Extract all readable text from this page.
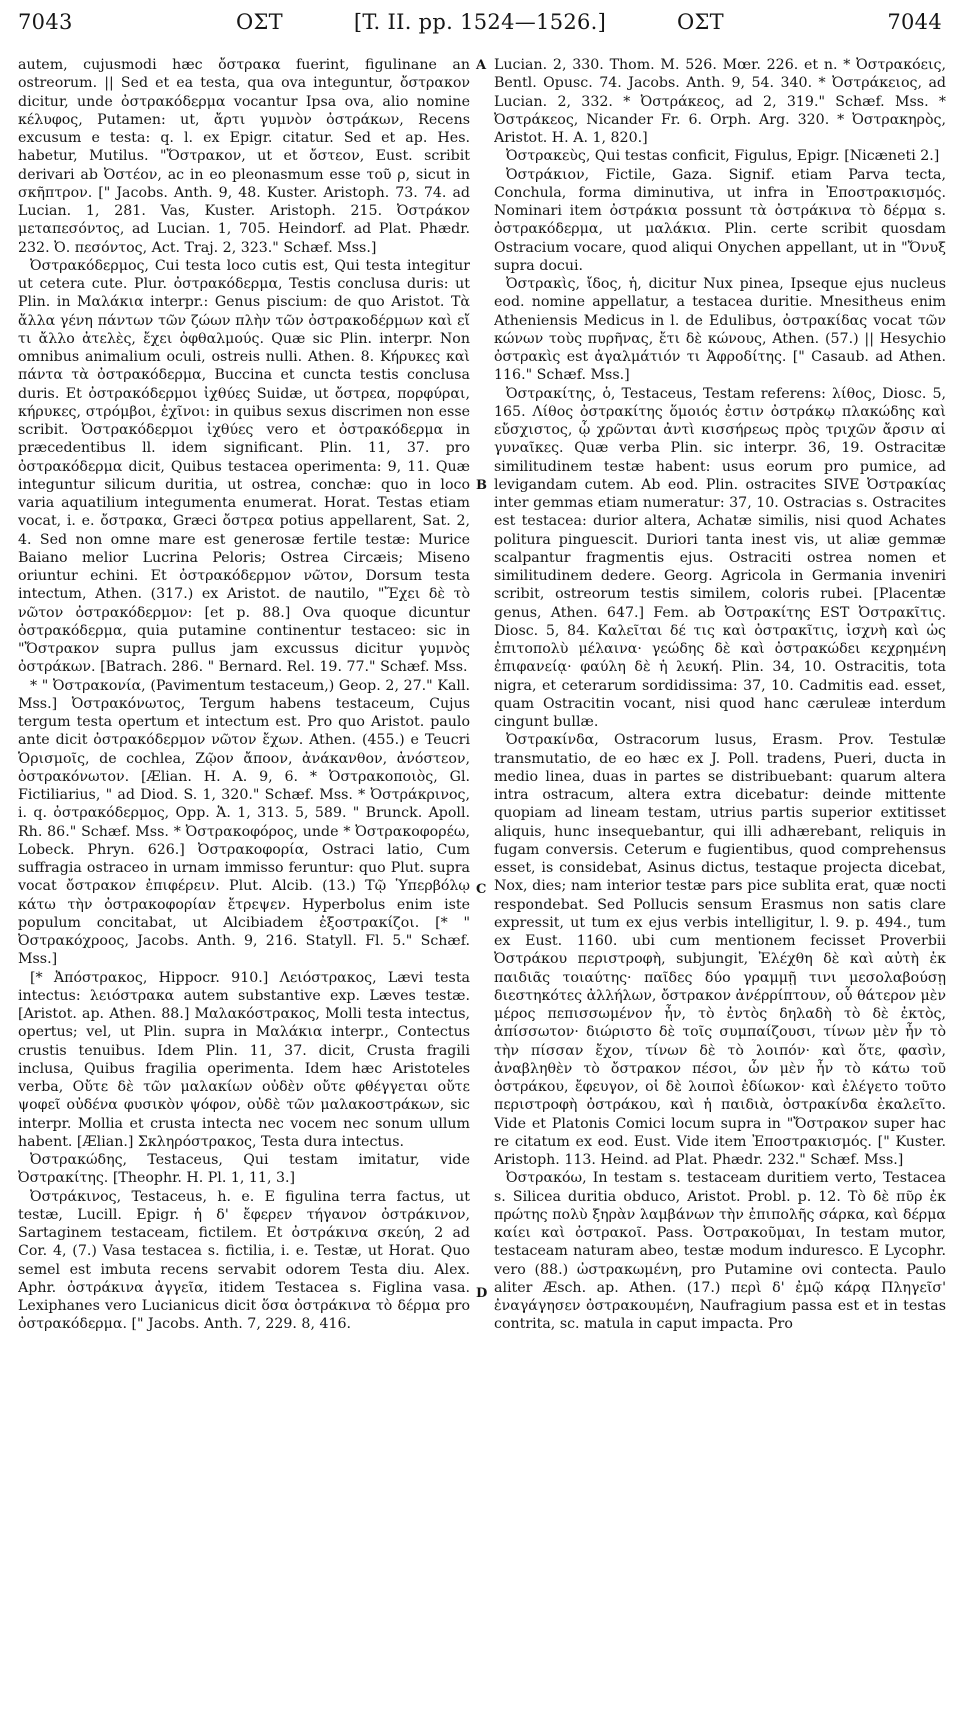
7043	ΟΣΤ	[T. II. pp. 1524—1526.]	ΟΣΤ	7044

autem, cujusmodi hæc ὄστρακα fuerint, figulinane an ostreorum. || Sed et ea testa, qua ova integuntur, ὄστρακον dicitur, unde ὀστρακόδερμα vocantur Ipsa ova, alio nomine κέλυφος, Putamen: ut, ἄρτι γυμνὸν ὀστράκων, Recens excusum e testa: q. l. ex Epigr. citatur. Sed et ap. Hes. habetur, Mutilus. "Ὄστρακον, ut et ὄστεον, Eust. scribit derivari ab Ὀστέον, ac in eo pleonasmum esse τοῦ ρ, sicut in σκῆπτρον. [" Jacobs. Anth. 9, 48. Kuster. Aristoph. 73. 74. ad Lucian. 1, 281. Vas, Kuster. Aristoph. 215. Ὀστράκον μεταπεσόντος, ad Lucian. 1, 705. Heindorf. ad Plat. Phædr. 232. Ὀ. πεσόντος, Act. Traj. 2, 323." Schæf. Mss.]

Ὀστρακόδερμος, Cui testa loco cutis est, Qui testa integitur ut cetera cute. Plur. ὀστρακόδερμα, Testis conclusa duris: ut Plin. in Μαλάκια interpr.: Genus piscium: de quo Aristot. Τὰ ἄλλα γένη πάντων τῶν ζώων πλὴν τῶν ὀστρακοδέρμων καὶ εἴ τι ἄλλο ἀτελὲς, ἔχει ὀφθαλμούς. Quæ sic Plin. interpr. Non omnibus animalium oculi, ostreis nulli. Athen. 8. Κήρυκες καὶ πάντα τὰ ὀστρακόδερμα, Buccina et cuncta testis conclusa duris. Et ὀστρακόδερμοι ἰχθύες Suidæ, ut ὄστρεα, πορφύραι, κήρυκες, στρόμβοι, ἐχῖνοι: in quibus sexus discrimen non esse scribit. Ὀστρακόδερμοι ἰχθύες vero et ὀστρακόδερμα in præcedentibus ll. idem significant. Plin. 11, 37. pro ὀστρακόδερμα dicit, Quibus testacea operimenta: 9, 11. Quæ integuntur silicum duritia, ut ostrea, conchæ: quo in loco varia aquatilium integumenta enumerat. Horat. Testas etiam vocat, i. e. ὄστρακα, Græci ὄστρεα potius appellarent, Sat. 2, 4. Sed non omne mare est generosæ fertile testæ: Murice Baiano melior Lucrina Peloris; Ostrea Circæis; Miseno oriuntur echini. Et ὀστρακόδερμον νῶτον, Dorsum testa intectum, Athen. (317.) ex Aristot. de nautilo, "Ἔχει δὲ τὸ νῶτον ὀστρακόδερμον: [et p. 88.] Ova quoque dicuntur ὀστρακόδερμα, quia putamine continentur testaceo: sic in "Ὄστρακον supra pullus jam excussus dicitur γυμνὸς ὀστράκων. [Batrach. 286. " Bernard. Rel. 19. 77." Schæf. Mss.

* " Ὀστρακονία, (Pavimentum testaceum,) Geop. 2, 27." Kall. Mss.] Ὀστρακόνωτος, Tergum habens testaceum, Cujus tergum testa opertum et intectum est. Pro quo Aristot. paulo ante dicit ὀστρακόδερμον νῶτον ἔχων. Athen. (455.) e Teucri Ὁρισμοῖς, de cochlea, Ζῷον ἄποον, ἀνάκανθον, ἀνόστεον, ὀστρακόνωτον. [Ælian. H. A. 9, 6. * Ὀστρακοποιὸς, Gl. Fictiliarius, " ad Diod. S. 1, 320." Schæf. Mss. * Ὀστράκρινος, i. q. ὀστρακόδερμος, Opp. Ἁ. 1, 313. 5, 589. " Brunck. Apoll. Rh. 86." Schæf. Mss. * Ὀστρακοφόρος, unde * Ὀστρακοφορέω, Lobeck. Phryn. 626.] Ὀστρακοφορία, Ostraci latio, Cum suffragia ostraceo in urnam immisso feruntur: quo Plut. supra vocat ὄστρακον ἐπιφέρειν. Plut. Alcib. (13.) Τῷ Ὑπερβόλῳ κάτω τὴν ὀστρακοφορίαν ἔτρεψεν. Hyperbolus enim iste populum concitabat, ut Alcibiadem ἐξοστρακίζοι. [* " Ὀστρακόχροος, Jacobs. Anth. 9, 216. Statyll. Fl. 5." Schæf. Mss.]

[* Ἀπόστρακος, Hippocr. 910.] Λειόστρακος, Lævi testa intectus: λειόστρακα autem substantive exp. Læves testæ. [Aristot. ap. Athen. 88.] Μαλακόστρακος, Molli testa intectus, opertus; vel, ut Plin. supra in Μαλάκια interpr., Contectus crustis tenuibus. Idem Plin. 11, 37. dicit, Crusta fragili inclusa, Quibus fragilia operimenta. Idem hæc Aristoteles verba, Οὔτε δὲ τῶν μαλακίων οὐδὲν οὔτε φθέγγεται οὔτε ψοφεῖ οὐδένα φυσικὸν ψόφον, οὐδὲ τῶν μαλακοστράκων, sic interpr. Mollia et crusta intecta nec vocem nec sonum ullum habent. [Ælian.] Σκληρόστρακος, Testa dura intectus.

Ὀστρακώδης, Testaceus, Qui testam imitatur, vide Ὀστρακίτης. [Theophr. H. Pl. 1, 11, 3.]

Ὀστράκινος, Testaceus, h. e. E figulina terra factus, ut testæ, Lucill. Epigr. ἡ δ' ἔφερεν τήγανον ὀστράκινον, Sartaginem testaceam, fictilem. Et ὀστράκινα σκεύη, 2 ad Cor. 4, (7.) Vasa testacea s. fictilia, i. e. Testæ, ut Horat. Quo semel est imbuta recens servabit odorem Testa diu. Alex. Aphr. ὀστράκινα ἀγγεῖα, itidem Testacea s. Figlina vasa. Lexiphanes vero Lucianicus dicit ὅσα ὀστράκινα τὸ δέρμα pro ὀστρακόδερμα. [" Jacobs. Anth. 7, 229. 8, 416.

A
B
C
D

Lucian. 2, 330. Thom. M. 526. Mœr. 226. et n. * Ὀστρακόεις, Bentl. Opusc. 74. Jacobs. Anth. 9, 54. 340. * Ὀστράκειος, ad Lucian. 2, 332. * Ὀστράκεος, ad 2, 319." Schæf. Mss. * Ὀστράκεος, Nicander Fr. 6. Orph. Arg. 320. * Ὀστρακηρὸς, Aristot. H. A. 1, 820.]

Ὀστρακεὺς, Qui testas conficit, Figulus, Epigr. [Nicæneti 2.]

Ὀστράκιον, Fictile, Gaza. Signif. etiam Parva tecta, Conchula, forma diminutiva, ut infra in Ἐποστρακισμός. Nominari item ὀστράκια possunt τὰ ὀστράκινα τὸ δέρμα s. ὀστρακόδερμα, ut μαλάκια. Plin. certe scribit quosdam Ostracium vocare, quod aliqui Onychen appellant, ut in "Ὄνυξ supra docui.

Ὀστρακὶς, ἴδος, ἡ, dicitur Nux pinea, Ipseque ejus nucleus eod. nomine appellatur, a testacea duritie. Mnesitheus enim Atheniensis Medicus in l. de Edulibus, ὀστρακίδας vocat τῶν κώνων τοὺς πυρῆνας, ἔτι δὲ κώνους, Athen. (57.) || Hesychio ὀστρακὶς est ἀγαλμάτιόν τι Ἀφροδίτης. [" Casaub. ad Athen. 116." Schæf. Mss.]

Ὀστρακίτης, ὁ, Testaceus, Testam referens: λίθος, Diosc. 5, 165. Λίθος ὀστρακίτης ὅμοιός ἐστιν ὀστράκῳ πλακώδης καὶ εὔσχιστος, ᾧ χρῶνται ἀντὶ κισσήρεως πρὸς τριχῶν ἄρσιν αἱ γυναῖκες. Quæ verba Plin. sic interpr. 36, 19. Ostracitæ similitudinem testæ habent: usus eorum pro pumice, ad levigandam cutem. Ab eod. Plin. ostracites SIVE Ὀστρακίας inter gemmas etiam numeratur: 37, 10. Ostracias s. Ostracites est testacea: durior altera, Achatæ similis, nisi quod Achates politura pinguescit. Duriori tanta inest vis, ut aliæ gemmæ scalpantur fragmentis ejus. Ostraciti ostrea nomen et similitudinem dedere. Georg. Agricola in Germania inveniri scribit, ostreorum testis similem, coloris rubei. [Placentæ genus, Athen. 647.] Fem. ab Ὀστρακίτης EST Ὀστρακῖτις. Diosc. 5, 84. Καλεῖται δέ τις καὶ ὀστρακῖτις, ἰσχνὴ καὶ ὡς ἐπιτοπολὺ μέλαινα· γεώδης δὲ καὶ ὀστρακώδει κεχρημένη ἐπιφανείᾳ· φαύλη δὲ ἡ λευκή. Plin. 34, 10. Ostracitis, tota nigra, et ceterarum sordidissima: 37, 10. Cadmitis ead. esset, quam Ostracitin vocant, nisi quod hanc cæruleæ interdum cingunt bullæ.

Ὀστρακίνδα, Ostracorum lusus, Erasm. Prov. Testulæ transmutatio, de eo hæc ex J. Poll. tradens, Pueri, ducta in medio linea, duas in partes se distribuebant: quarum altera intra ostracum, altera extra dicebatur: deinde mittente quopiam ad lineam testam, utrius partis superior extitisset aliquis, hunc insequebantur, qui illi adhærebant, reliquis in fugam conversis. Ceterum e fugientibus, quod comprehensus esset, is considebat, Asinus dictus, testaque projecta dicebat, Nox, dies; nam interior testæ pars pice sublita erat, quæ nocti respondebat. Sed Pollucis sensum Erasmus non satis clare expressit, ut tum ex ejus verbis intelligitur, l. 9. p. 494., tum ex Eust. 1160. ubi cum mentionem fecisset Proverbii Ὀστράκου περιστροφὴ, subjungit, Ἐλέχθη δὲ καὶ αὐτὴ ἐκ παιδιᾶς τοιαύτης· παῖδες δύο γραμμῇ τινι μεσολαβούσῃ διεστηκότες ἀλλήλων, ὄστρακον ἀνέρρίπτουν, οὗ θάτερον μὲν μέρος πεπισσωμένον ἦν, τὸ ἐντὸς δηλαδὴ τὸ δὲ ἐκτὸς, ἀπίσσωτον· διώριστο δὲ τοῖς συμπαίζουσι, τίνων μὲν ἦν τὸ τὴν πίσσαν ἔχον, τίνων δὲ τὸ λοιπόν· καὶ ὅτε, φασὶν, ἀναβληθὲν τὸ ὄστρακον πέσοι, ὧν μὲν ἦν τὸ κάτω τοῦ ὀστράκου, ἔφευγον, οἱ δὲ λοιποὶ ἐδίωκον· καὶ ἐλέγετο τοῦτο περιστροφὴ ὀστράκου, καὶ ἡ παιδιὰ, ὀστρακίνδα ἐκαλεῖτο. Vide et Platonis Comici locum supra in "Ὄστρακον super hac re citatum ex eod. Eust. Vide item Ἐποστρακισμός. [" Kuster. Aristoph. 113. Heind. ad Plat. Phædr. 232." Schæf. Mss.]

Ὀστρακόω, In testam s. testaceam duritiem verto, Testacea s. Silicea duritia obduco, Aristot. Probl. p. 12. Τὸ δὲ πῦρ ἐκ πρώτης πολὺ ξηρὰν λαμβάνων τὴν ἐπιπολῆς σάρκα, καὶ δέρμα καίει καὶ ὀστρακοῖ. Pass. Ὀστρακοῦμαι, In testam mutor, testaceam naturam abeo, testæ modum induresco. E Lycophr. vero (88.) ὠστρακωμένη, pro Putamine ovi contecta. Paulo aliter Æsch. ap. Athen. (17.) περὶ δ' ἐμῷ κάρᾳ Πληγεῖσ' ἐναγάγησεν ὀστρακουμένη, Naufragium passa est et in testas contrita, sc. matula in caput impacta. Pro
